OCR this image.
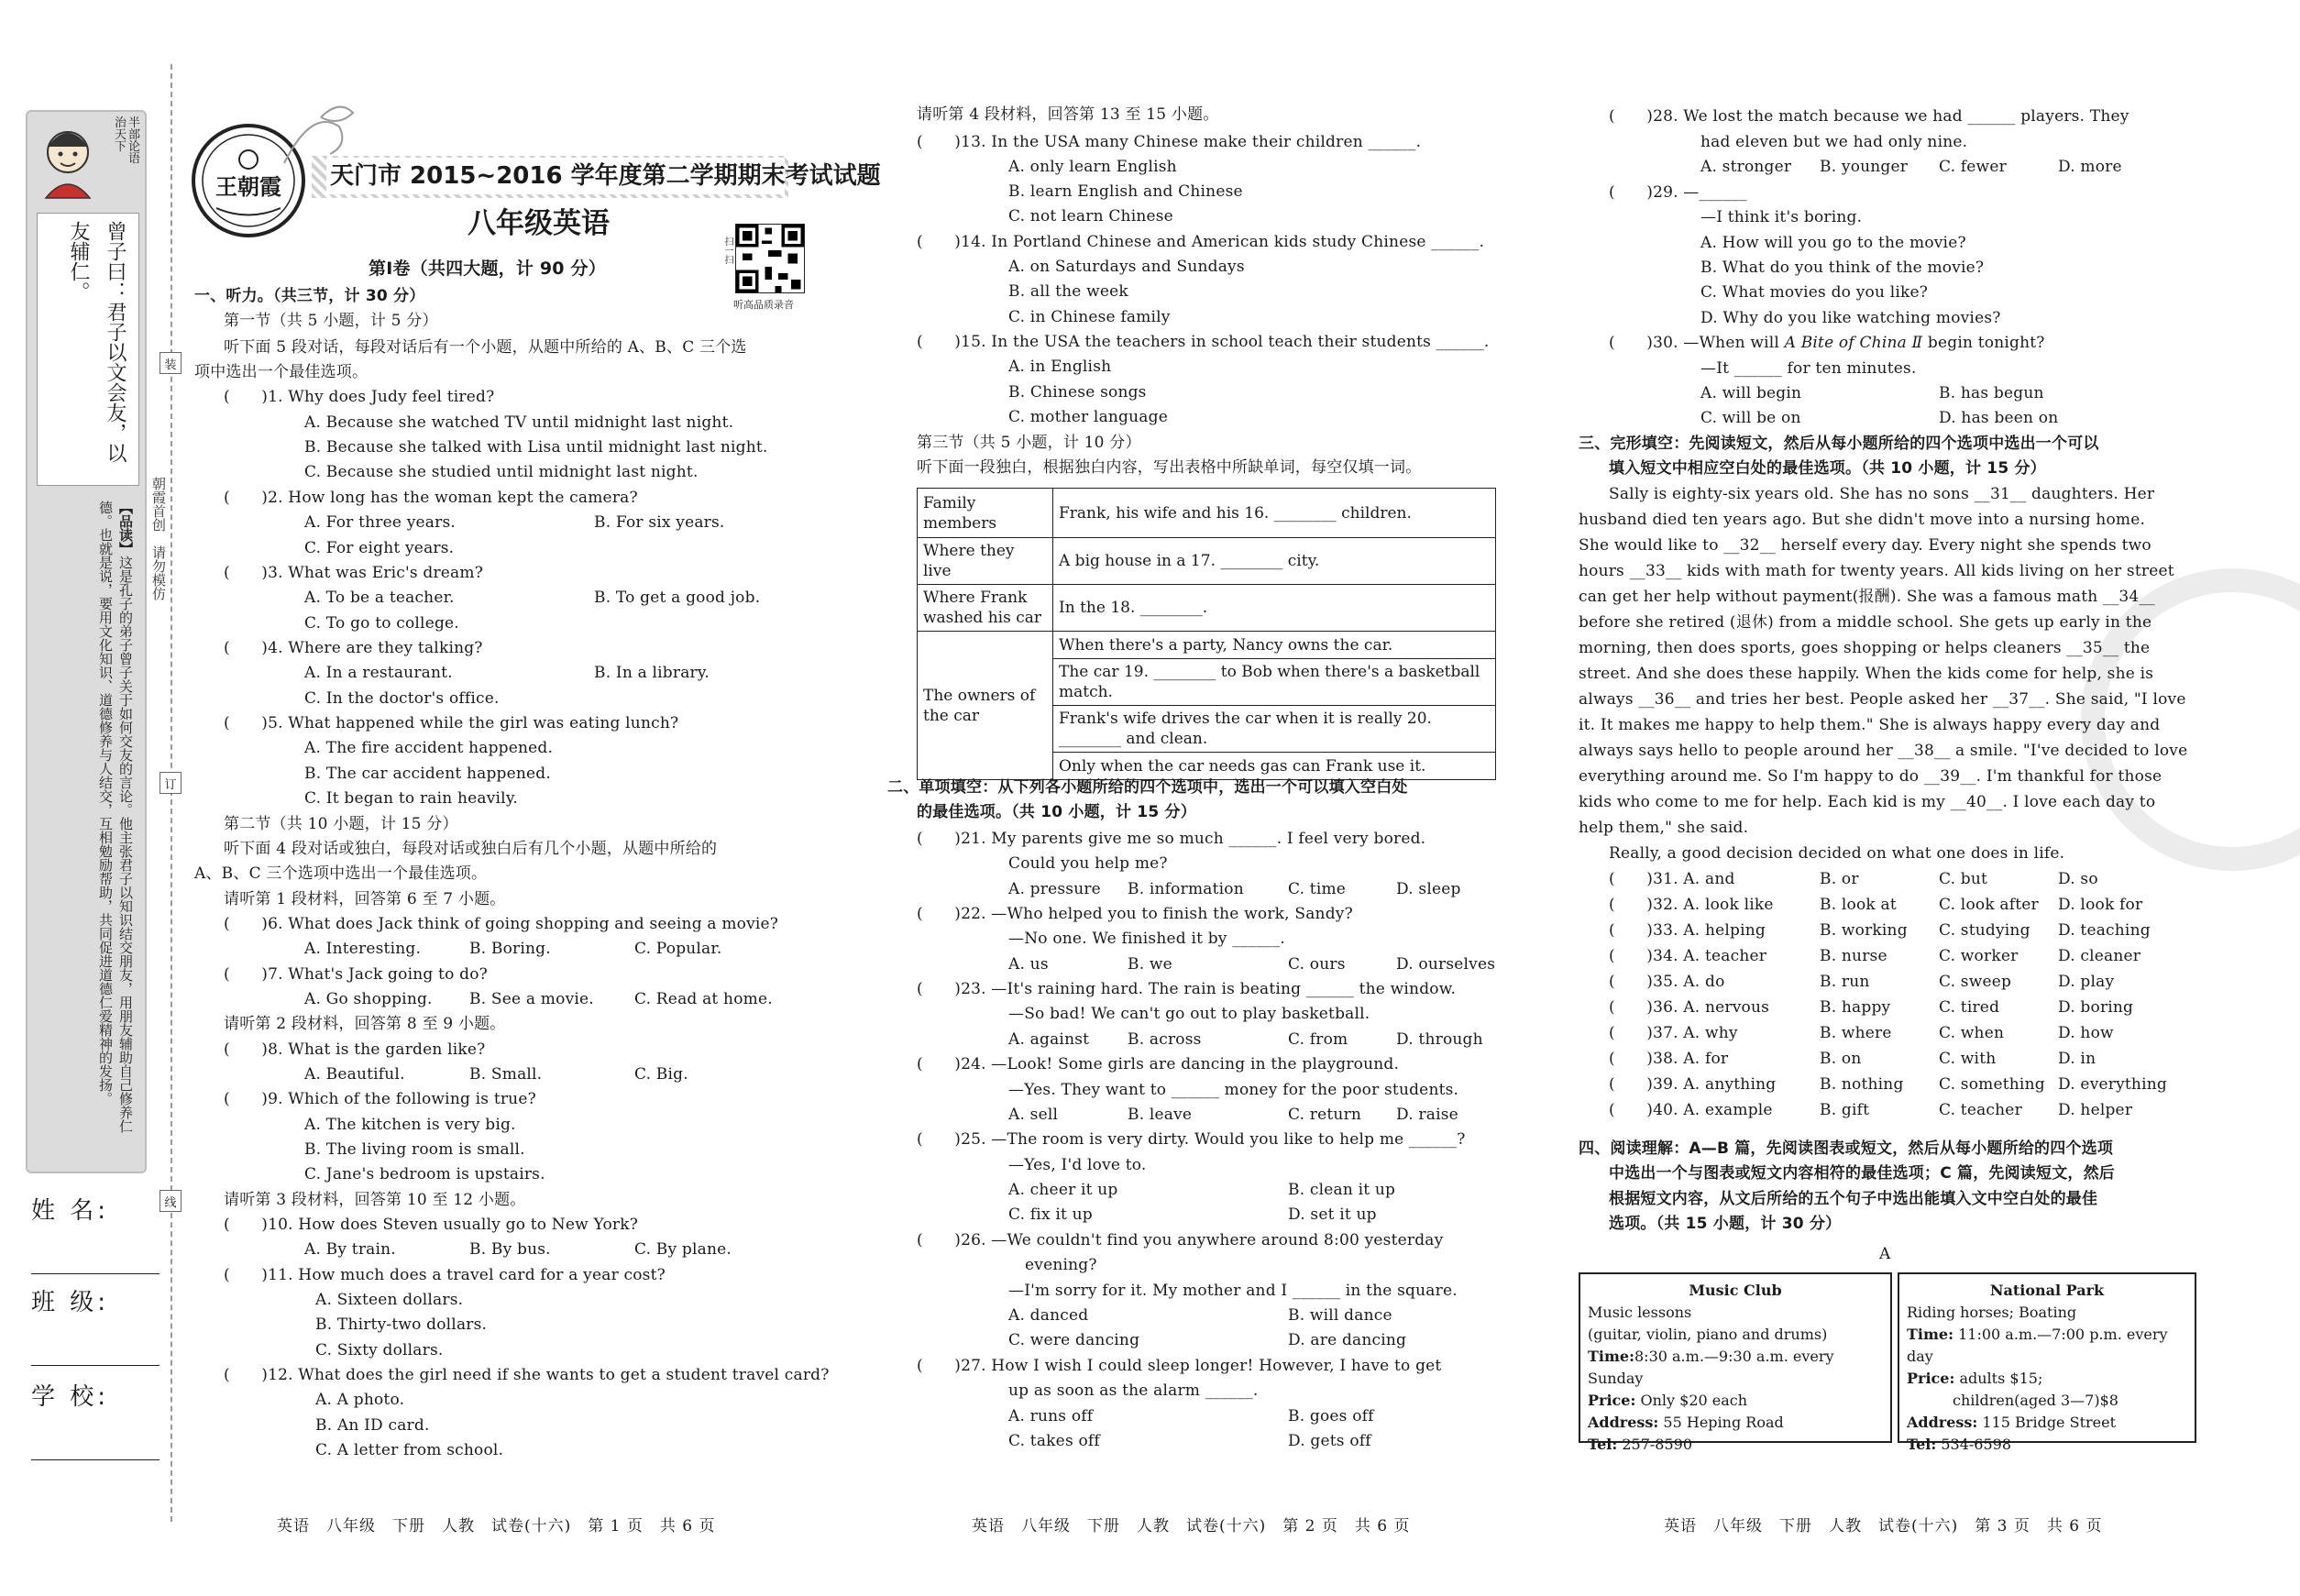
治
天
下
半
部
论
语
曾子曰：君子以文会友，以友辅仁。
【品读】这是孔子的弟子曾子关于如何交友的言论。他主张君子以知识结交朋友，用朋友辅助自己修养仁德。也就是说，要用文化知识、道德修养与人结交，互相勉励帮助，共同促进道德仁爱精神的发扬。	朝霞首创　请勿模仿
姓 名:
班 级:
学 校:
装
订
线
王朝霞	天门市 2015~2016 学年度第二学期期末考试试题
八年级英语
扫一扫
听高品质录音
第Ⅰ卷（共四大题，计 90 分）
一、听力。（共三节，计 30 分）
第一节（共 5 小题，计 5 分）
听下面 5 段对话，每段对话后有一个小题，从题中所给的 A、B、C 三个选
项中选出一个最佳选项。
(　　)1. Why does Judy feel tired?
A. Because she watched TV until midnight last night.
B. Because she talked with Lisa until midnight last night.
C. Because she studied until midnight last night.
(　　)2. How long has the woman kept the camera?
A. For three years.	B. For six years.
C. For eight years.
(　　)3. What was Eric's dream?
A. To be a teacher.	B. To get a good job.
C. To go to college.
(　　)4. Where are they talking?
A. In a restaurant.	B. In a library.
C. In the doctor's office.
(　　)5. What happened while the girl was eating lunch?
A. The fire accident happened.
B. The car accident happened.
C. It began to rain heavily.
第二节（共 10 小题，计 15 分）
听下面 4 段对话或独白，每段对话或独白后有几个小题，从题中所给的
A、B、C 三个选项中选出一个最佳选项。
请听第 1 段材料，回答第 6 至 7 小题。
(　　)6. What does Jack think of going shopping and seeing a movie?
A. Interesting.	B. Boring.	C. Popular.
(　　)7. What's Jack going to do?
A. Go shopping. B. See a movie.	C. Read at home.
请听第 2 段材料，回答第 8 至 9 小题。
(　　)8. What is the garden like?
A. Beautiful.	B. Small.	C. Big.
(　　)9. Which of the following is true?
A. The kitchen is very big.
B. The living room is small.
C. Jane's bedroom is upstairs.
请听第 3 段材料，回答第 10 至 12 小题。
(　　)10. How does Steven usually go to New York?
A. By train.	B. By bus.	C. By plane.
(　　)11. How much does a travel card for a year cost?
A. Sixteen dollars.
B. Thirty-two dollars.
C. Sixty dollars.
(　　)12. What does the girl need if she wants to get a student travel card?
A. A photo.
B. An ID card.
C. A letter from school.
英语　八年级　下册　人教　试卷(十六)　第 1 页　共 6 页
请听第 4 段材料，回答第 13 至 15 小题。
(　　)13. In the USA many Chinese make their children ______.
A. only learn English
B. learn English and Chinese
C. not learn Chinese
(　　)14. In Portland Chinese and American kids study Chinese ______.
A. on Saturdays and Sundays
B. all the week
C. in Chinese family
(　　)15. In the USA the teachers in school teach their students ______.
A. in English
B. Chinese songs
C. mother language
第三节（共 5 小题，计 10 分）
听下面一段独白，根据独白内容，写出表格中所缺单词，每空仅填一词。
Family members	Frank, his wife and his 16. ________ children.
Where they live	A big house in a 17. ________ city.
Where Frank washed his car	In the 18. ________.
The owners of the car	When there's a party, Nancy owns the car.
	The car 19. ________ to Bob when there's a basketball match.
	Frank's wife drives the car when it is really 20. ________ and clean.
	Only when the car needs gas can Frank use it.
二、单项填空：从下列各小题所给的四个选项中，选出一个可以填入空白处
的最佳选项。（共 10 小题，计 15 分）
(　　)21. My parents give me so much ______. I feel very bored.
Could you help me?
A. pressure B. information	C. time	D. sleep
(　　)22. —Who helped you to finish the work, Sandy?
—No one. We finished it by ______.
A. us	B. we	C. ours	D. ourselves
(　　)23. —It's raining hard. The rain is beating ______ the window.
—So bad! We can't go out to play basketball.
A. against B. across	C. from	D. through
(　　)24. —Look! Some girls are dancing in the playground.
—Yes. They want to ______ money for the poor students.
A. sell	B. leave	C. return D. raise
(　　)25. —The room is very dirty. Would you like to help me ______?
—Yes, I'd love to.
A. cheer it up	B. clean it up
C. fix it up	D. set it up
(　　)26. —We couldn't find you anywhere around 8:00 yesterday
evening?
—I'm sorry for it. My mother and I ______ in the square.
A. danced	B. will dance
C. were dancing	D. are dancing
(　　)27. How I wish I could sleep longer! However, I have to get
up as soon as the alarm ______.
A. runs off	B. goes off
C. takes off	D. gets off
英语　八年级　下册　人教　试卷(十六)　第 2 页　共 6 页
(　　)28. We lost the match because we had ______ players. They
had eleven but we had only nine.
A. stronger B. younger C. fewer	D. more
(　　)29. —______
—I think it's boring.
A. How will you go to the movie?
B. What do you think of the movie?
C. What movies do you like?
D. Why do you like watching movies?
(　　)30. —When will A Bite of China Ⅱ begin tonight?
—It ______ for ten minutes.
A. will begin	B. has begun
C. will be on	D. has been on
三、完形填空：先阅读短文，然后从每小题所给的四个选项中选出一个可以
填入短文中相应空白处的最佳选项。（共 10 小题，计 15 分）
Sally is eighty-six years old. She has no sons __31__ daughters. Her
husband died ten years ago. But she didn't move into a nursing home.
She would like to __32__ herself every day. Every night she spends two
hours __33__ kids with math for twenty years. All kids living on her street
can get her help without payment(报酬). She was a famous math __34__
before she retired (退休) from a middle school. She gets up early in the
morning, then does sports, goes shopping or helps cleaners __35__ the
street. And she does these happily. When the kids come for help, she is
always __36__ and tries her best. People asked her __37__. She said, "I love
it. It makes me happy to help them." She is always happy every day and
always says hello to people around her __38__ a smile. "I've decided to love
everything around me. So I'm happy to do __39__. I'm thankful for those
kids who come to me for help. Each kid is my __40__. I love each day to
help them," she said.
Really, a good decision decided on what one does in life.
(　　)31. A. and	B. or	C. but	D. so
(　　)32. A. look like	B. look at	C. look after D. look for
(　　)33. A. helping	B. working C. studying D. teaching
(　　)34. A. teacher	B. nurse	C. worker	D. cleaner
(　　)35. A. do	B. run	C. sweep	D. play
(　　)36. A. nervous	B. happy	C. tired	D. boring
(　　)37. A. why	B. where	C. when	D. how
(　　)38. A. for	B. on	C. with	D. in
(　　)39. A. anything	B. nothing C. something D. everything
(　　)40. A. example	B. gift	C. teacher D. helper
四、阅读理解：A—B 篇，先阅读图表或短文，然后从每小题所给的四个选项
中选出一个与图表或短文内容相符的最佳选项；C 篇，先阅读短文，然后
根据短文内容，从文后所给的五个句子中选出能填入文中空白处的最佳
选项。（共 15 小题，计 30 分）
A
Music Club
Music lessons
(guitar, violin, piano and drums)
Time:8:30 a.m.—9:30 a.m. every Sunday
Price: Only $20 each
Address: 55 Heping Road
Tel: 257-8590
National Park
Riding horses; Boating
Time: 11:00 a.m.—7:00 p.m. every day
Price: adults $15;
children(aged 3—7)$8
Address: 115 Bridge Street
Tel: 534-6598
英语　八年级　下册　人教　试卷(十六)　第 3 页　共 6 页
